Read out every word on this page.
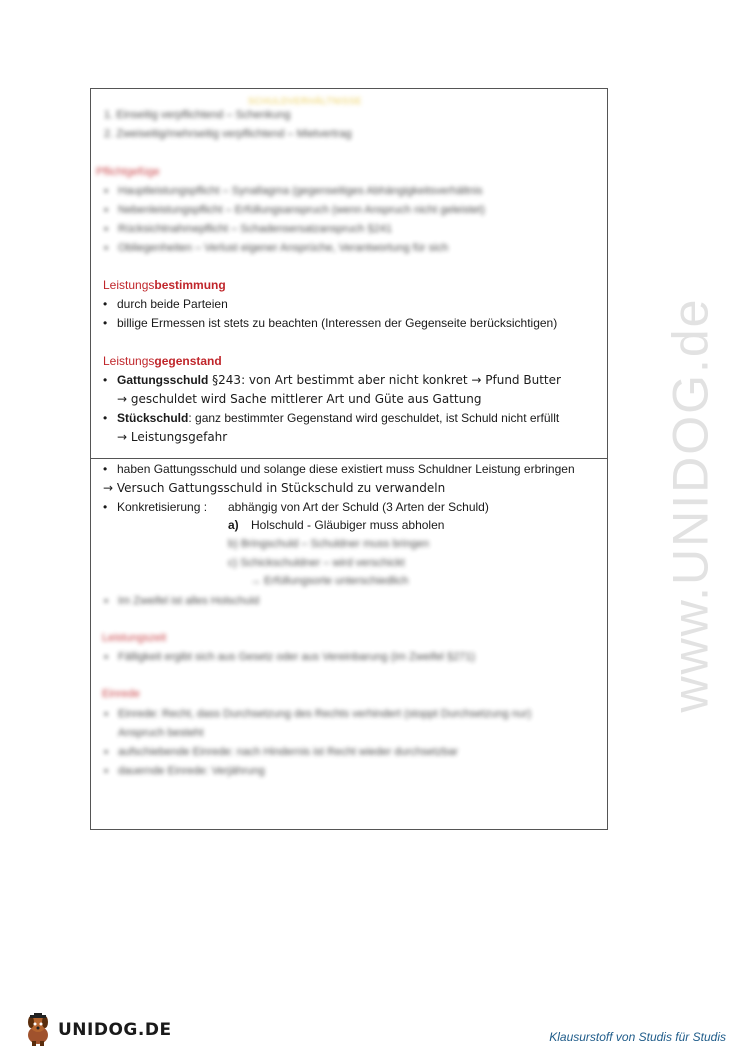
SCHULDVERHÄLTNISSE
1. Einseitig verpflichtend – Schenkung
2. Zweiseitig/mehrseitig verpflichtend – Mietvertrag
Pflichtgefüge
• Hauptleistungspflicht – Synallagma (gegenseitiges Abhängigkeitsverhältnis
• Nebenleistungspflicht – Erfüllungsanspruch (wenn Anspruch nicht geleistet)
• Rücksichtnahmepflicht – Schadensersatzanspruch §241
• Obliegenheiten – Verlust eigener Ansprüche, Verantwortung für sich
Leistungsbestimmung
• durch beide Parteien
• billige Ermessen ist stets zu beachten (Interessen der Gegenseite berücksichtigen)
Leistungsgegenstand
• Gattungsschuld §243: von Art bestimmt aber nicht konkret → Pfund Butter
→ geschuldet wird Sache mittlerer Art und Güte aus Gattung
• Stückschuld: ganz bestimmter Gegenstand wird geschuldet, ist Schuld nicht erfüllt
→ Leistungsgefahr
• haben Gattungsschuld und solange diese existiert muss Schuldner Leistung erbringen
→ Versuch Gattungsschuld in Stückschuld zu verwandeln
• Konkretisierung : abhängig von Art der Schuld (3 Arten der Schuld)
a) Holschuld - Gläubiger muss abholen
b) Bringschuld – Schuldner muss bringen
c) Schickschuldner – wird verschickt
→ Erfüllungsorte unterschiedlich
• Im Zweifel ist alles Holschuld
Leistungszeit
• Fälligkeit ergibt sich aus Gesetz oder aus Vereinbarung (im Zweifel §271)
Einrede
• Einrede: Recht, dass Durchsetzung des Rechts verhindert (stoppt Durchsetzung nur) Anspruch besteht
• aufschiebende Einrede: nach Hindernis ist Recht wieder durchsetzbar
• dauernde Einrede: Verjährung
www.UNIDOG.de
UNIDOG.DE	Klausurstoff von Studis für Studis
